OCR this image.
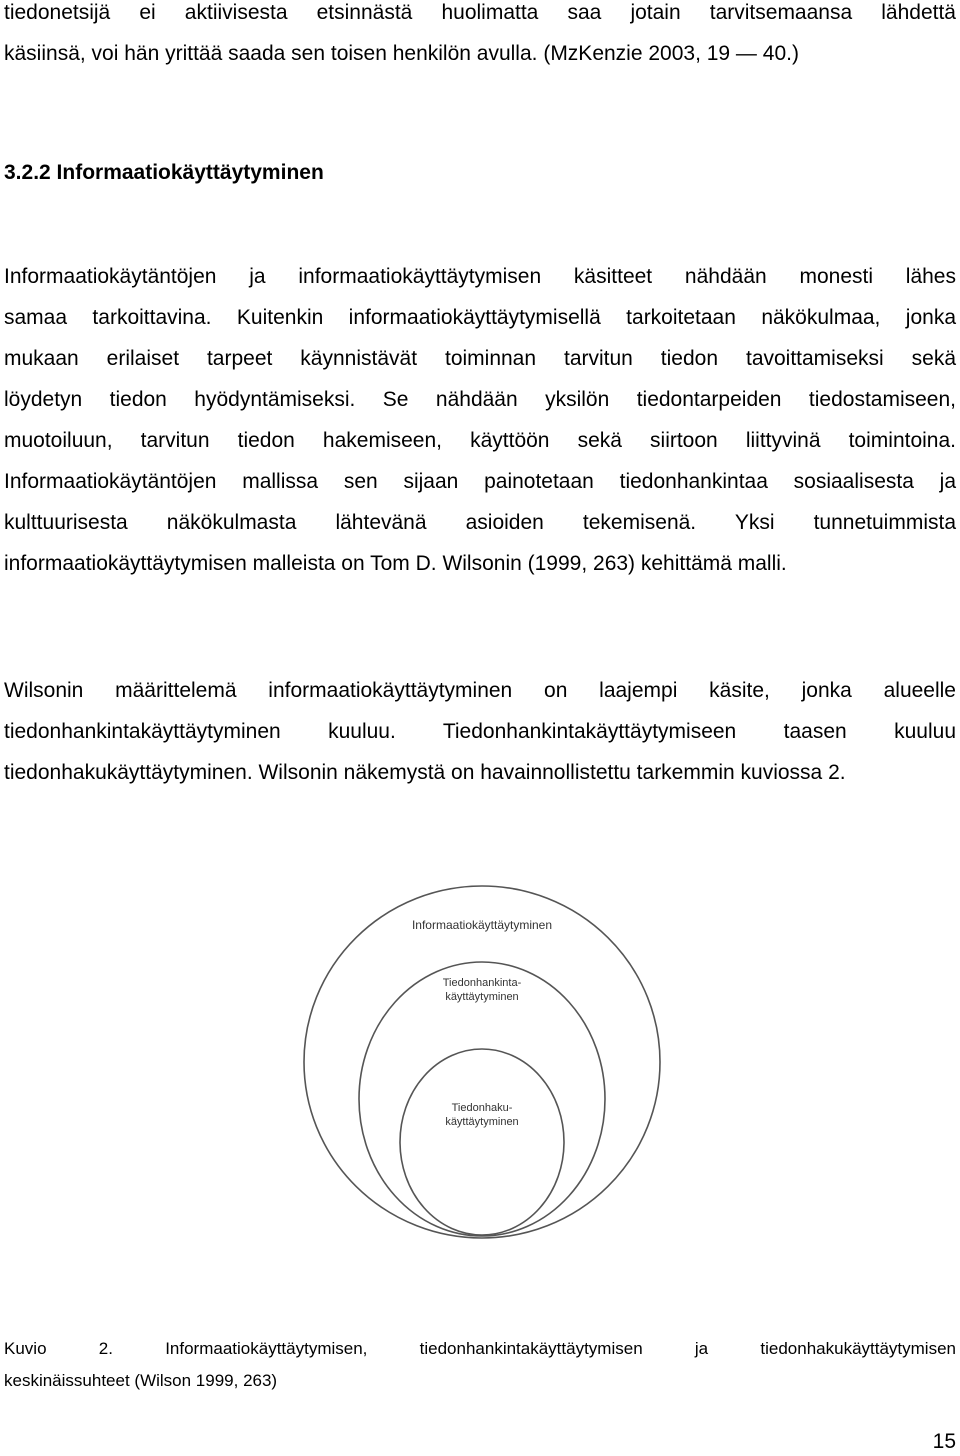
tiedonetsijä ei aktiivisesta etsinnästä huolimatta saa jotain tarvitsemaansa lähdettä
käsiinsä, voi hän yrittää saada sen toisen henkilön avulla. (MzKenzie 2003, 19 — 40.)
3.2.2 Informaatiokäyttäytyminen
Informaatiokäytäntöjen ja informaatiokäyttäytymisen käsitteet nähdään monesti lähes
samaa tarkoittavina. Kuitenkin informaatiokäyttäytymisellä tarkoitetaan näkökulmaa, jonka
mukaan erilaiset tarpeet käynnistävät toiminnan tarvitun tiedon tavoittamiseksi sekä
löydetyn tiedon hyödyntämiseksi. Se nähdään yksilön tiedontarpeiden tiedostamiseen,
muotoiluun, tarvitun tiedon hakemiseen, käyttöön sekä siirtoon liittyvinä toimintoina.
Informaatiokäytäntöjen mallissa sen sijaan painotetaan tiedonhankintaa sosiaalisesta ja
kulttuurisesta näkökulmasta lähtevänä asioiden tekemisenä. Yksi tunnetuimmista
informaatiokäyttäytymisen malleista on Tom D. Wilsonin (1999, 263) kehittämä malli.
Wilsonin määrittelemä informaatiokäyttäytyminen on laajempi käsite, jonka alueelle
tiedonhankintakäyttäytyminen kuuluu. Tiedonhankintakäyttäytymiseen taasen kuuluu
tiedonhakukäyttäytyminen. Wilsonin näkemystä on havainnollistettu tarkemmin kuviossa 2.
Informaatiokäyttäytyminen
Tiedonhankinta-
käyttäytyminen
Tiedonhaku-
käyttäytyminen
Kuvio 2. Informaatiokäyttäytymisen, tiedonhankintakäyttäytymisen ja tiedonhakukäyttäytymisen
keskinäissuhteet (Wilson 1999, 263)
15
